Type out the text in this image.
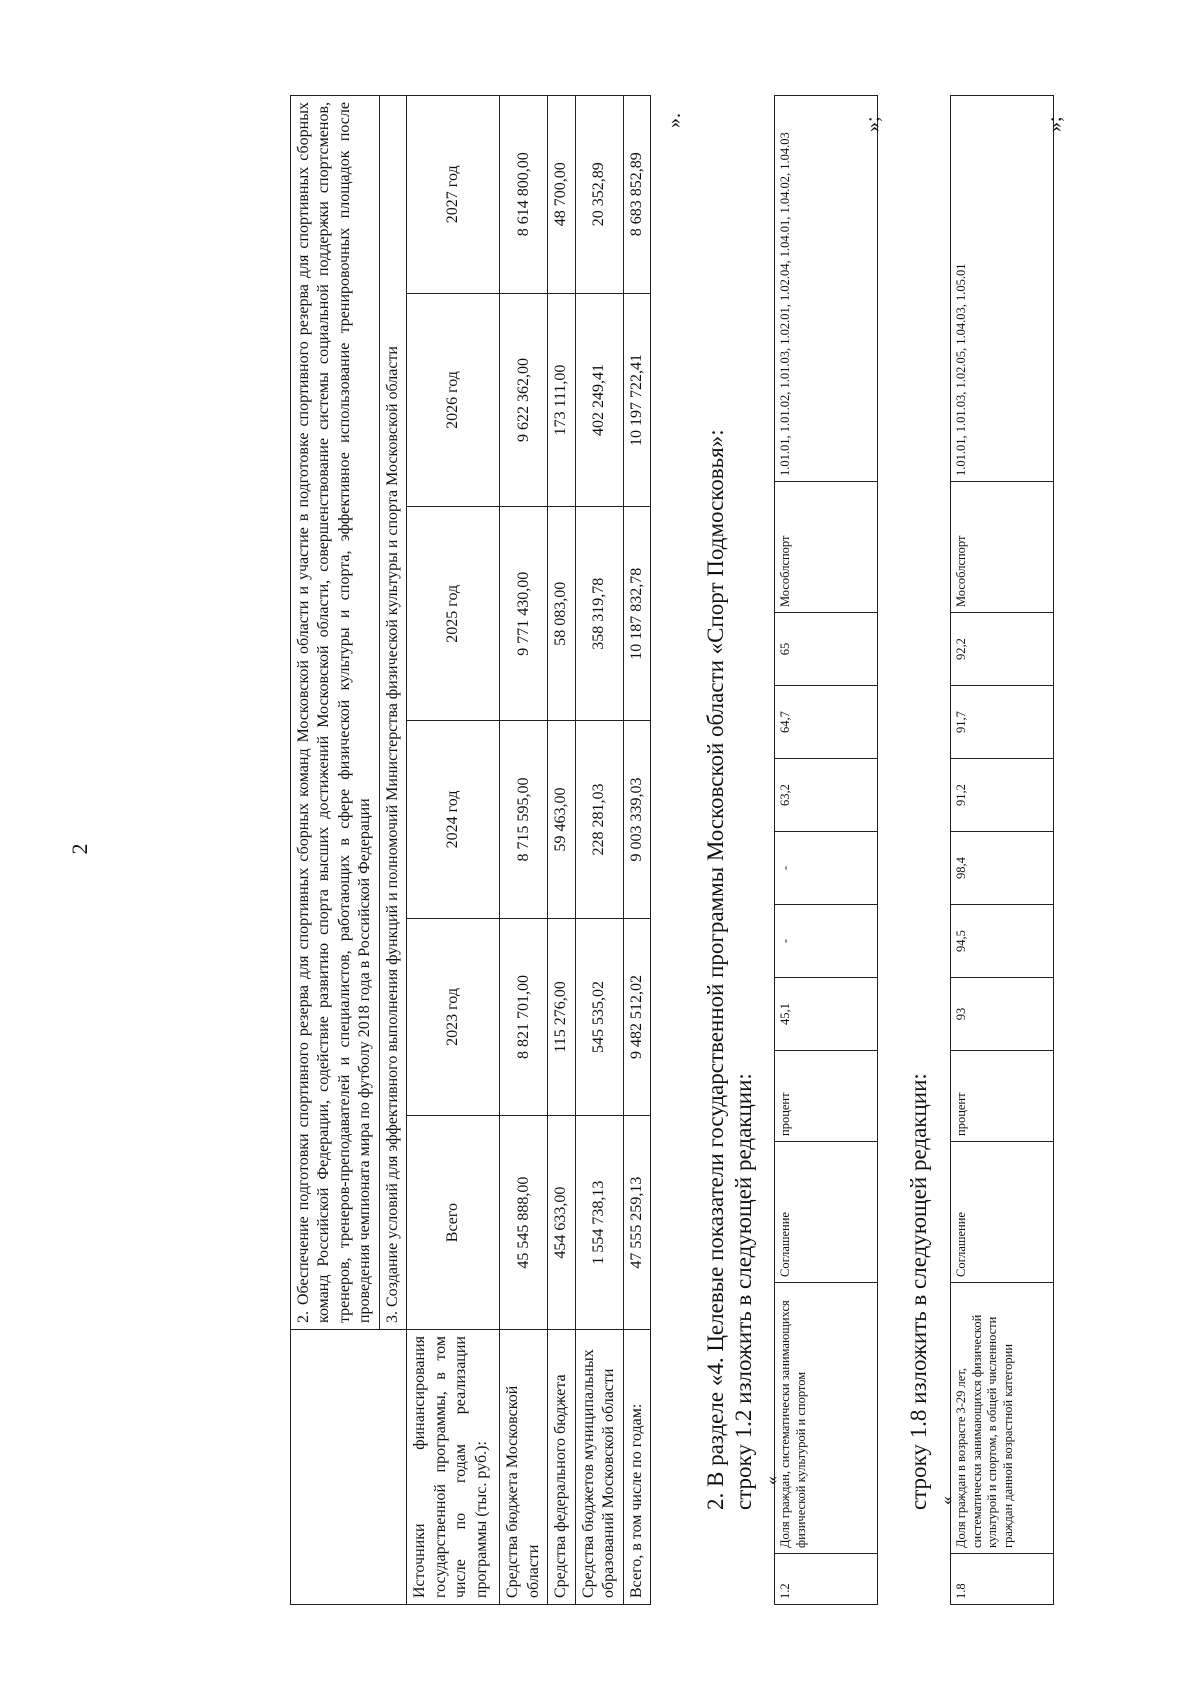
2
		2. Обеспечение подготовки спортивного резерва для спортивных сборных команд Московской области и участие в подготовке спортивного резерва для спортивных сборных команд Российской Федерации, содействие развитию спорта высших достижений Московской области, совершенствование системы социальной поддержки спортсменов, тренеров, тренеров-преподавателей и специалистов, работающих в сфере физической культуры и спорта, эффективное использование тренировочных площадок после проведения чемпионата мира по футболу 2018 года в Российской Федерации					
	3. Создание условий для эффективного выполнения функций и полномочий Министерства физической культуры и спорта Московской области					
Источники финансирования государственной программы, в том числе по годам реализации программы (тыс. руб.):	Всего	2023 год	2024 год	2025 год	2026 год	2027 год
Средства бюджета Московской области	45 545 888,00	8 821 701,00	8 715 595,00	9 771 430,00	9 622 362,00	8 614 800,00
Средства федерального бюджета	454 633,00	115 276,00	59 463,00	58 083,00	173 111,00	48 700,00
Средства бюджетов муниципальных образований Московской области	1 554 738,13	545 535,02	228 281,03	358 319,78	402 249,41	20 352,89
Всего, в том числе по годам:	47 555 259,13	9 482 512,02	9 003 339,03	10 187 832,78	10 197 722,41	8 683 852,89
».
2. В разделе «4. Целевые показатели государственной программы Московской области «Спорт Подмосковья»: строку 1.2 изложить в следующей редакции: «
1.2	Доля граждан, систематически занимающихся физической культурой и спортом	Соглашение	процент	45,1	-	-	63,2	64,7	65	Мособлспорт	1.01.01, 1.01.02, 1.01.03, 1.02.01, 1.02.04, 1.04.01, 1.04.02, 1.04.03
»;
строку 1.8 изложить в следующей редакции: «
1.8	Доля граждан в возрасте 3-29 лет, систематически занимающихся физической культурой и спортом, в общей численности граждан данной возрастной категории	Соглашение	процент	93	94,5	98,4	91,2	91,7	92,2	Мособлспорт	1.01.01, 1.01.03, 1.02.05, 1.04.03, 1.05.01
»;
